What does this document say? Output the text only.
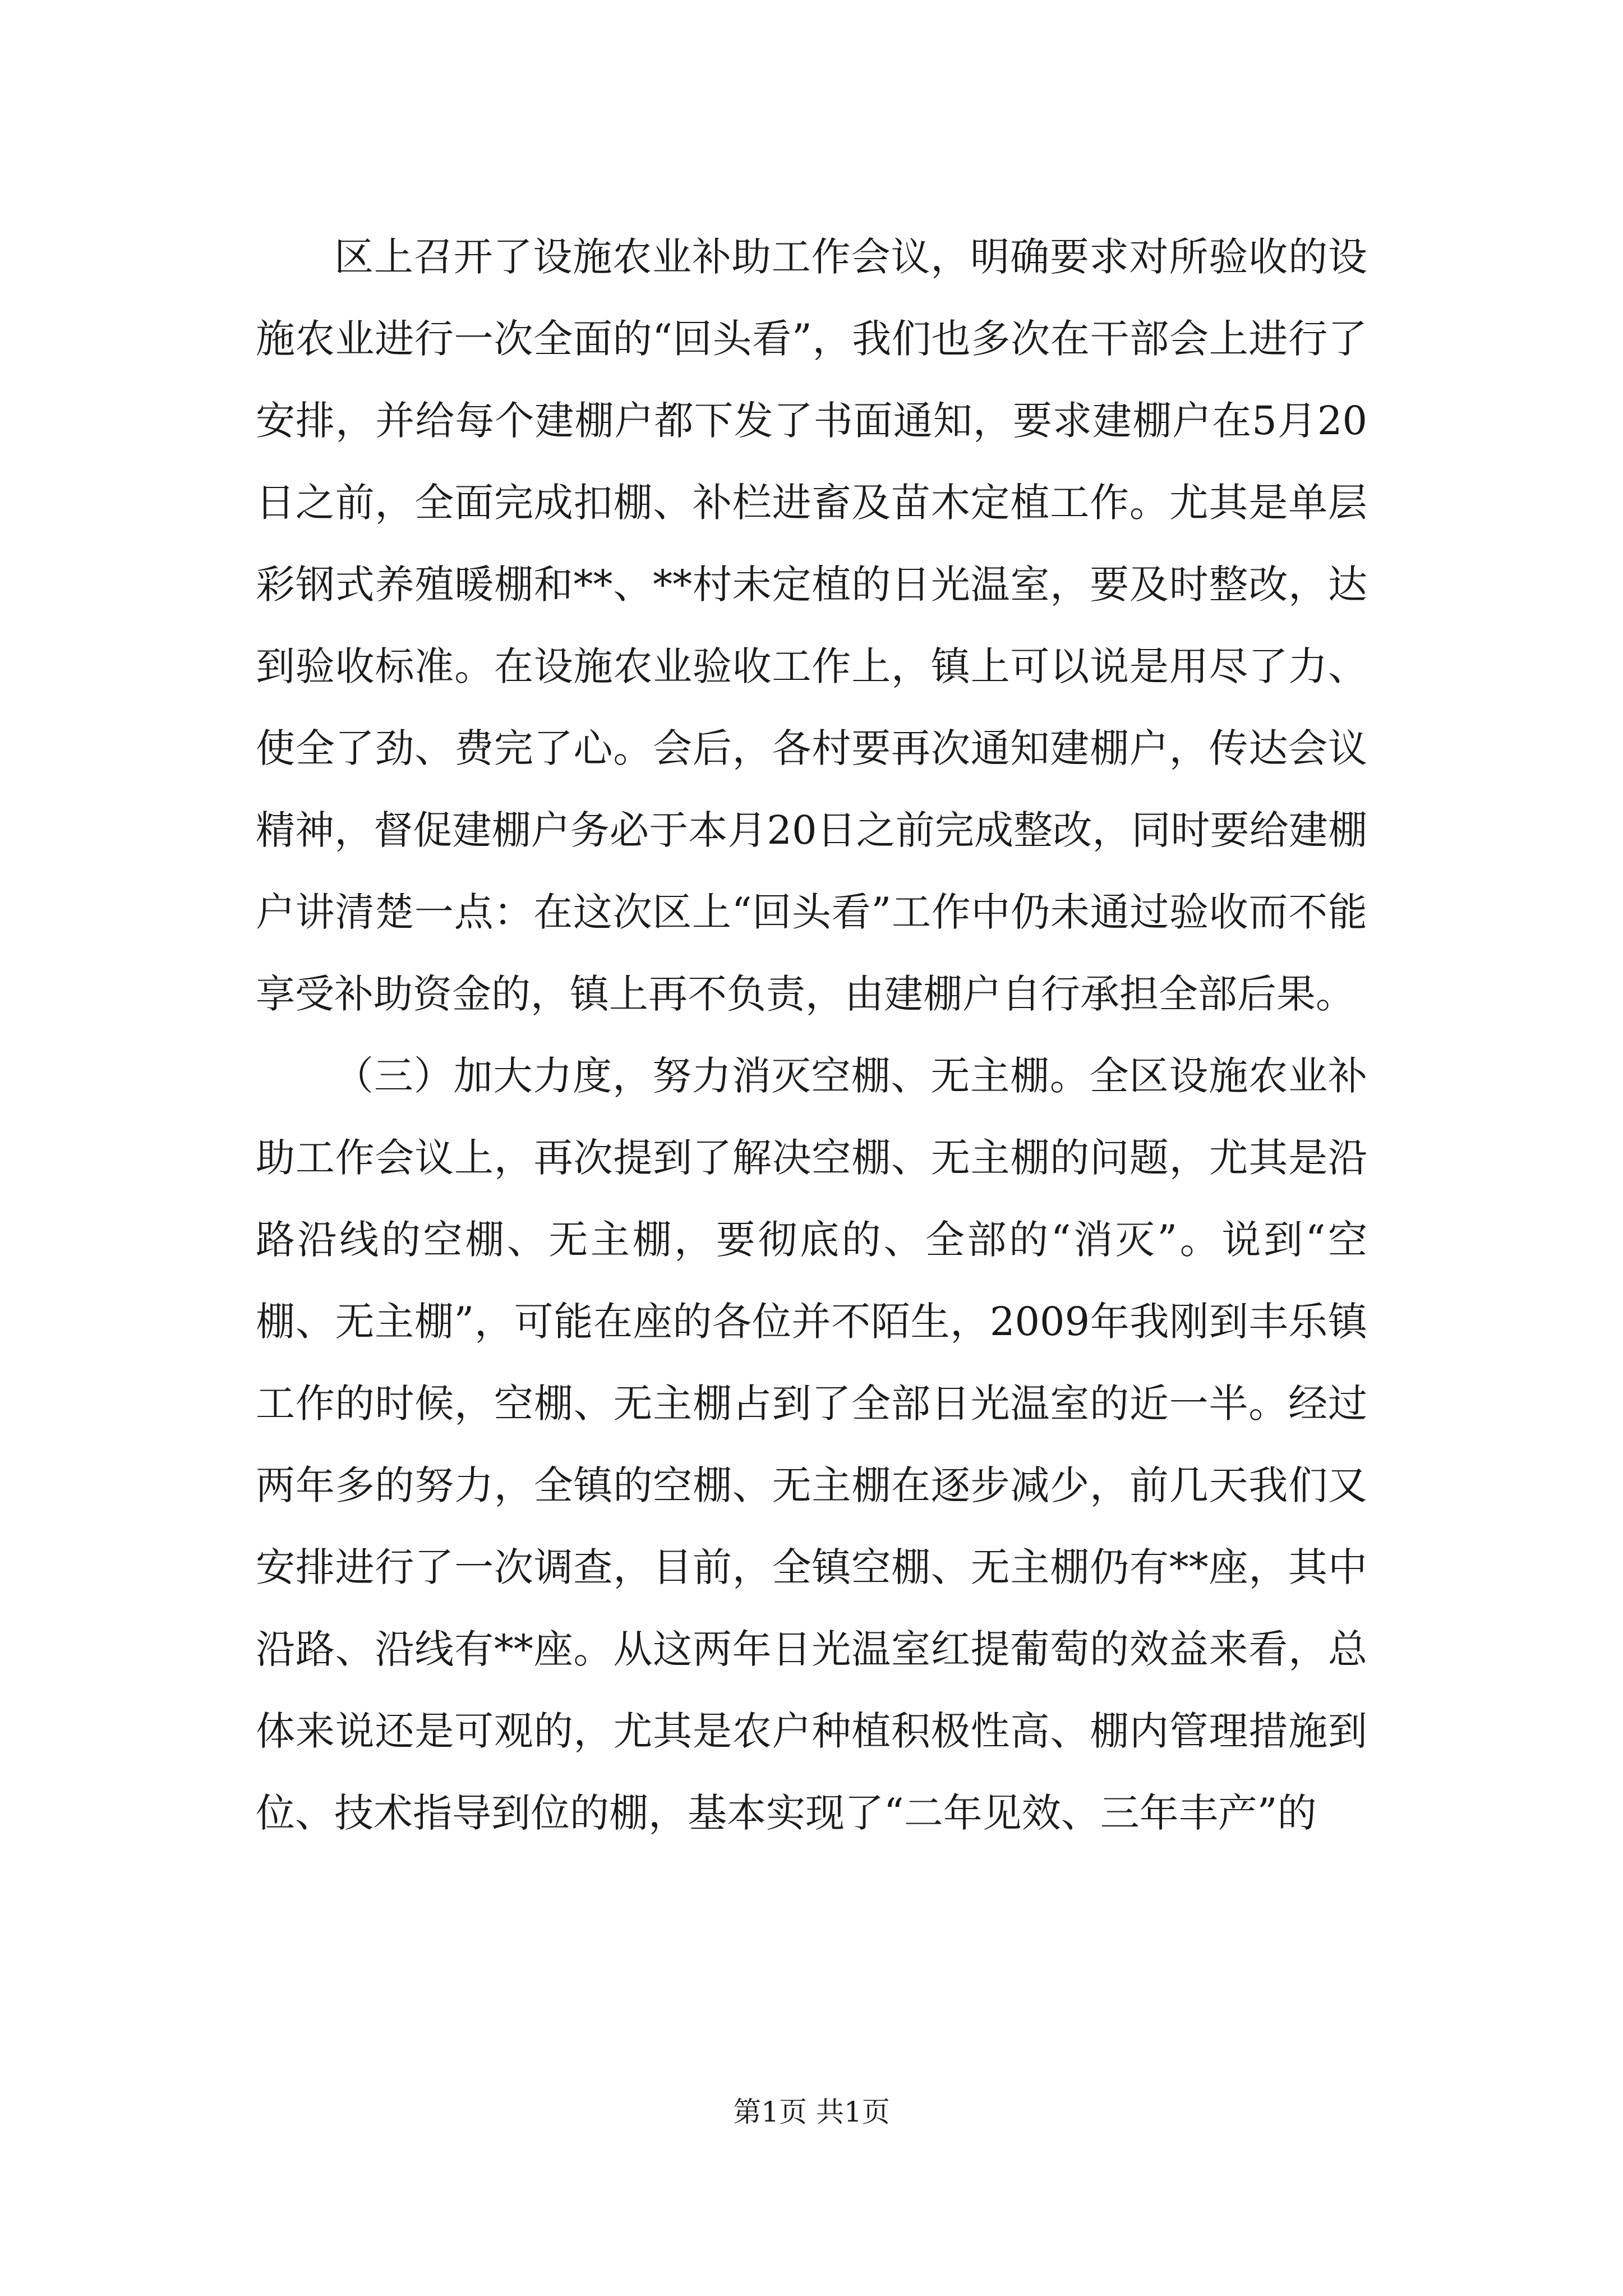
区上召开了设施农业补助工作会议，明确要求对所验收的设施农业进行一次全面的“回头看”，我们也多次在干部会上进行了安排，并给每个建棚户都下发了书面通知，要求建棚户在5月20日之前，全面完成扣棚、补栏进畜及苗木定植工作。尤其是单层彩钢式养殖暖棚和**、**村未定植的日光温室，要及时整改，达到验收标准。在设施农业验收工作上，镇上可以说是用尽了力、使全了劲、费完了心。会后，各村要再次通知建棚户，传达会议精神，督促建棚户务必于本月20日之前完成整改，同时要给建棚户讲清楚一点：在这次区上“回头看”工作中仍未通过验收而不能享受补助资金的，镇上再不负责，由建棚户自行承担全部后果。

（三）加大力度，努力消灭空棚、无主棚。全区设施农业补助工作会议上，再次提到了解决空棚、无主棚的问题，尤其是沿路沿线的空棚、无主棚，要彻底的、全部的“消灭”。说到“空棚、无主棚”，可能在座的各位并不陌生，2009年我刚到丰乐镇工作的时候，空棚、无主棚占到了全部日光温室的近一半。经过两年多的努力，全镇的空棚、无主棚在逐步减少，前几天我们又安排进行了一次调查，目前，全镇空棚、无主棚仍有**座，其中沿路、沿线有**座。从这两年日光温室红提葡萄的效益来看，总体来说还是可观的，尤其是农户种植积极性高、棚内管理措施到位、技术指导到位的棚，基本实现了“二年见效、三年丰产”的

第1页 共1页
